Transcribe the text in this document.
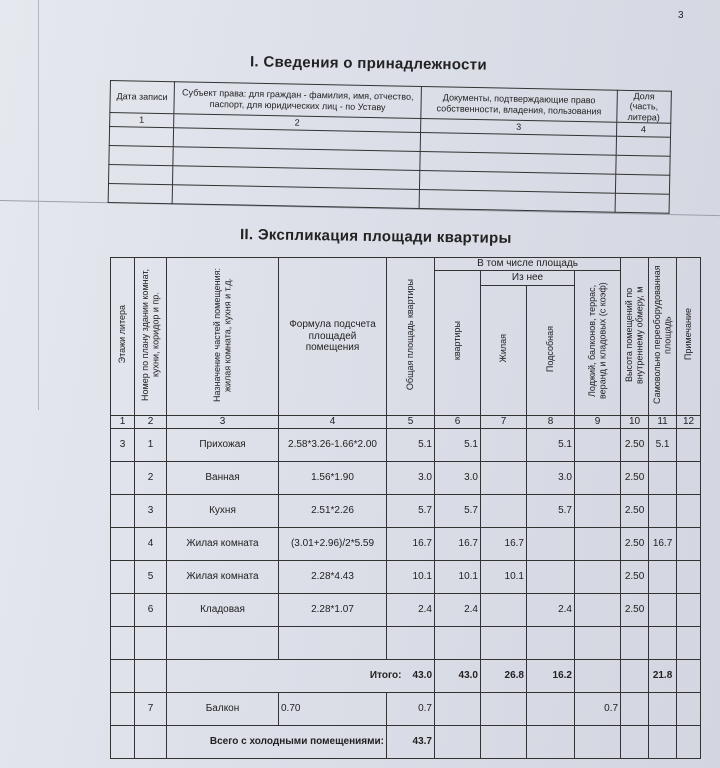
3
I. Сведения о принадлежности
Дата записи	Субъект права: для граждан - фамилия, имя, отчество, паспорт, для юридических лиц - по Уставу	Документы, подтверждающие право собственности, владения, пользования	Доля (часть, литера)
1	2	3	4

II. Экспликация площади квартиры
Этажи литера	Номер по плану здании комнат, кухни, коридор и пр.	Назначение частей помещения: жилая комната, кухня и т.д.	Формула подсчета площадей помещения	Общая площадь квартиры	В том числе площадь				Высота помещений по внутреннему обмеру, м	Самовольно переоборудованная площадь	Примечание
					квартиры	Из нее		Лоджий, балконов, террас, веранд и кладовых (с коэф)			
						Жилая	Подсобная				
1	2	3	4	5	6	7	8	9	10	11	12
3	1	Прихожая	2.58*3.26-1.66*2.00	5.1	5.1		5.1		2.50	5.1	
	2	Ванная	1.56*1.90	3.0	3.0		3.0		2.50		
	3	Кухня	2.51*2.26	5.7	5.7		5.7		2.50		
	4	Жилая комната	(3.01+2.96)/2*5.59	16.7	16.7	16.7			2.50	16.7	
	5	Жилая комната	2.28*4.43	10.1	10.1	10.1			2.50		
	6	Кладовая	2.28*1.07	2.4	2.4		2.4		2.50		

		Итого:    43.0			43.0	26.8	16.2			21.8	
	7	Балкон	0.70	0.7				0.7			
		Всего с холодными помещениями:		43.7							
